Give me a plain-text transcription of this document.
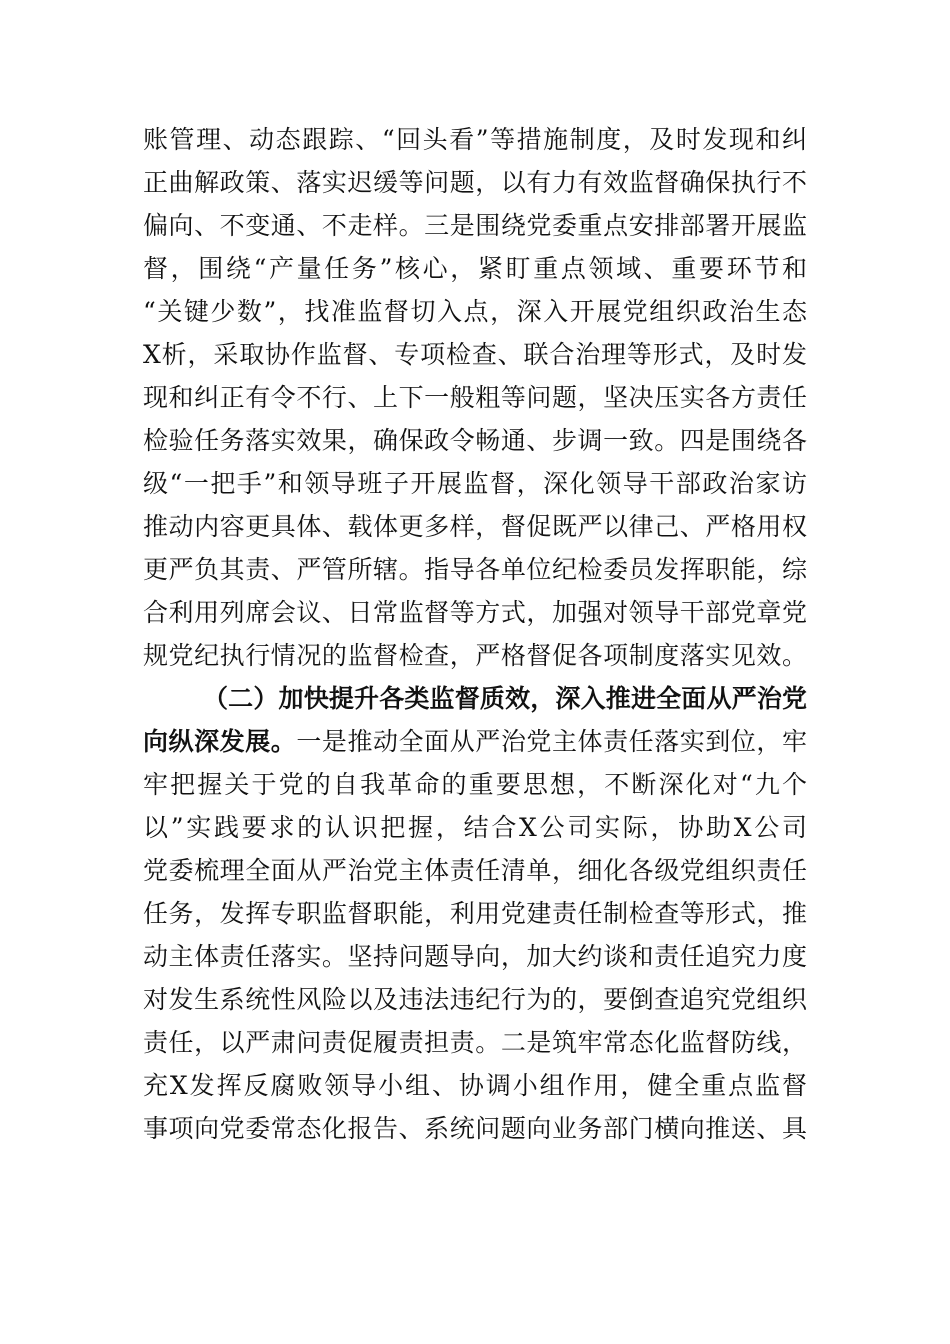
账管理、动态跟踪、“回头看”等措施制度，及时发现和纠
正曲解政策、落实迟缓等问题，以有力有效监督确保执行不
偏向、不变通、不走样。三是围绕党委重点安排部署开展监
督，围绕“产量任务”核心，紧盯重点领域、重要环节和
“关键少数”，找准监督切入点，深入开展党组织政治生态
X析，采取协作监督、专项检查、联合治理等形式，及时发
现和纠正有令不行、上下一般粗等问题，坚决压实各方责任
检验任务落实效果，确保政令畅通、步调一致。四是围绕各
级“一把手”和领导班子开展监督，深化领导干部政治家访
推动内容更具体、载体更多样，督促既严以律己、严格用权
更严负其责、严管所辖。指导各单位纪检委员发挥职能，综
合利用列席会议、日常监督等方式，加强对领导干部党章党
规党纪执行情况的监督检查，严格督促各项制度落实见效。
（二）加快提升各类监督质效，深入推进全面从严治党
向纵深发展。一是推动全面从严治党主体责任落实到位，牢
牢把握关于党的自我革命的重要思想，不断深化对“九个
以”实践要求的认识把握，结合X公司实际，协助X公司
党委梳理全面从严治党主体责任清单，细化各级党组织责任
任务，发挥专职监督职能，利用党建责任制检查等形式，推
动主体责任落实。坚持问题导向，加大约谈和责任追究力度
对发生系统性风险以及违法违纪行为的，要倒查追究党组织
责任，以严肃问责促履责担责。二是筑牢常态化监督防线，
充X发挥反腐败领导小组、协调小组作用，健全重点监督
事项向党委常态化报告、系统问题向业务部门横向推送、具
